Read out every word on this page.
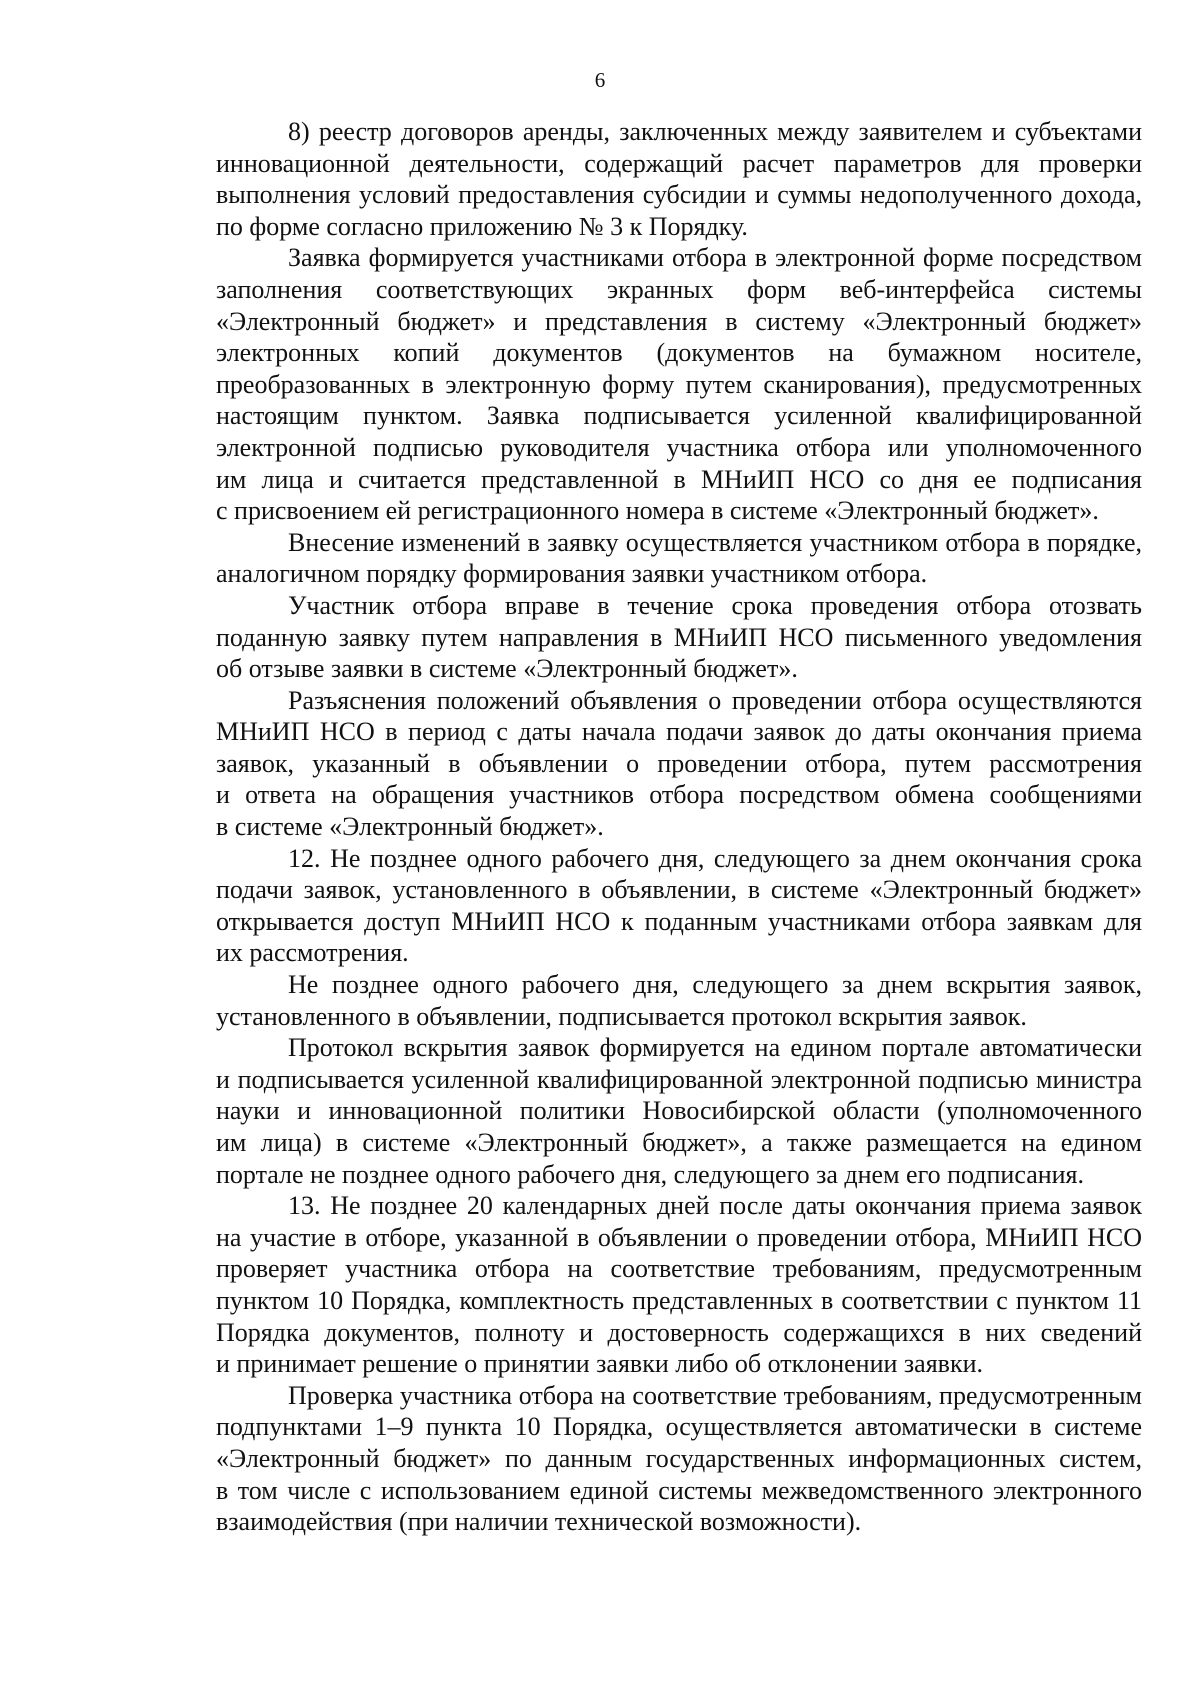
6
8) реестр договоров аренды, заключенных между заявителем и субъектами
инновационной деятельности, содержащий расчет параметров для проверки
выполнения условий предоставления субсидии и суммы недополученного дохода,
по форме согласно приложению № 3 к Порядку.
Заявка формируется участниками отбора в электронной форме посредством
заполнения соответствующих экранных форм веб-интерфейса системы
«Электронный бюджет» и представления в систему «Электронный бюджет»
электронных копий документов (документов на бумажном носителе,
преобразованных в электронную форму путем сканирования), предусмотренных
настоящим пунктом. Заявка подписывается усиленной квалифицированной
электронной подписью руководителя участника отбора или уполномоченного
им лица и считается представленной в МНиИП НСО со дня ее подписания
с присвоением ей регистрационного номера в системе «Электронный бюджет».
Внесение изменений в заявку осуществляется участником отбора в порядке,
аналогичном порядку формирования заявки участником отбора.
Участник отбора вправе в течение срока проведения отбора отозвать
поданную заявку путем направления в МНиИП НСО письменного уведомления
об отзыве заявки в системе «Электронный бюджет».
Разъяснения положений объявления о проведении отбора осуществляются
МНиИП НСО в период с даты начала подачи заявок до даты окончания приема
заявок, указанный в объявлении о проведении отбора, путем рассмотрения
и ответа на обращения участников отбора посредством обмена сообщениями
в системе «Электронный бюджет».
12. Не позднее одного рабочего дня, следующего за днем окончания срока
подачи заявок, установленного в объявлении, в системе «Электронный бюджет»
открывается доступ МНиИП НСО к поданным участниками отбора заявкам для
их рассмотрения.
Не позднее одного рабочего дня, следующего за днем вскрытия заявок,
установленного в объявлении, подписывается протокол вскрытия заявок.
Протокол вскрытия заявок формируется на едином портале автоматически
и подписывается усиленной квалифицированной электронной подписью министра
науки и инновационной политики Новосибирской области (уполномоченного
им лица) в системе «Электронный бюджет», а также размещается на едином
портале не позднее одного рабочего дня, следующего за днем его подписания.
13. Не позднее 20 календарных дней после даты окончания приема заявок
на участие в отборе, указанной в объявлении о проведении отбора, МНиИП НСО
проверяет участника отбора на соответствие требованиям, предусмотренным
пунктом 10 Порядка, комплектность представленных в соответствии с пунктом 11
Порядка документов, полноту и достоверность содержащихся в них сведений
и принимает решение о принятии заявки либо об отклонении заявки.
Проверка участника отбора на соответствие требованиям, предусмотренным
подпунктами 1–9 пункта 10 Порядка, осуществляется автоматически в системе
«Электронный бюджет» по данным государственных информационных систем,
в том числе с использованием единой системы межведомственного электронного
взаимодействия (при наличии технической возможности).
